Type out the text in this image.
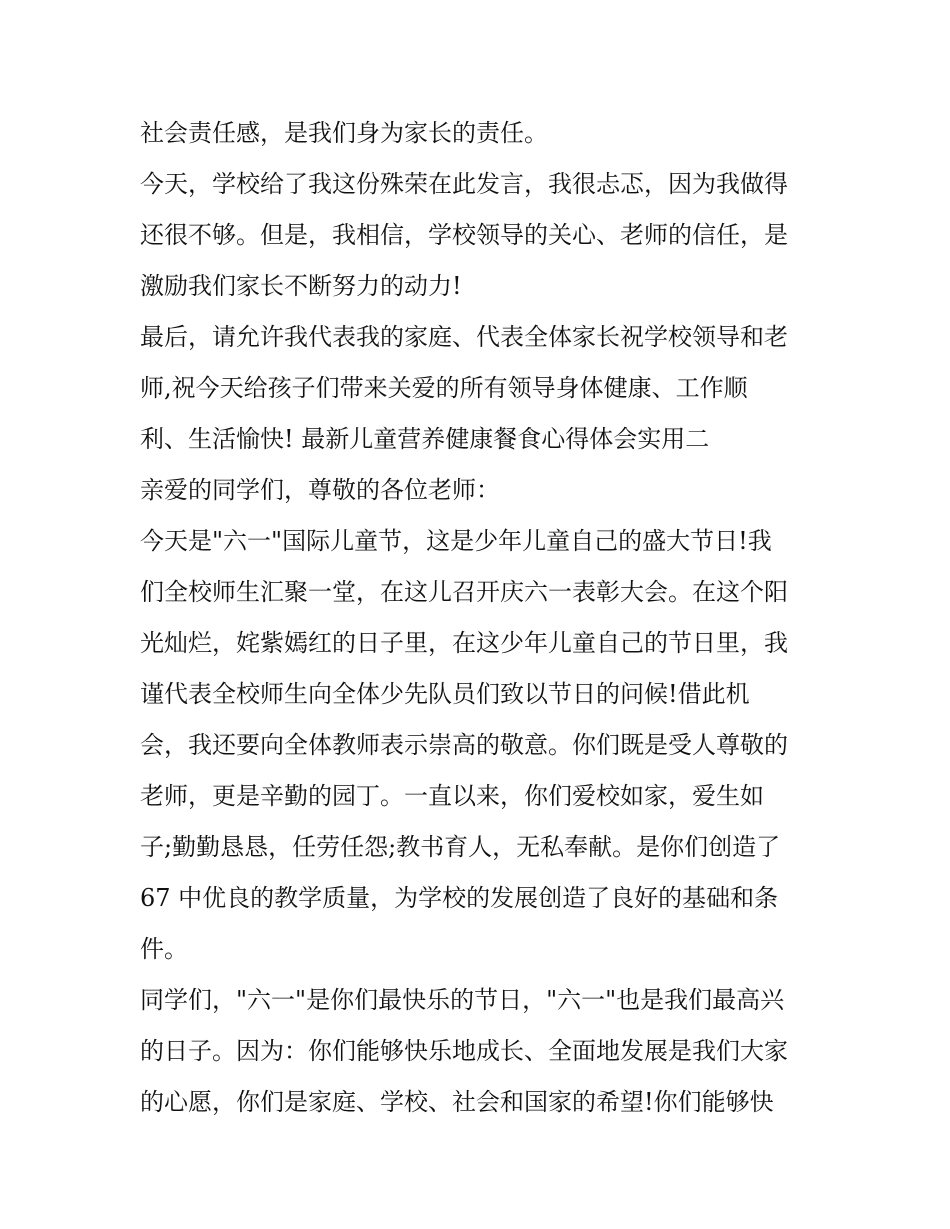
社会责任感，是我们身为家长的责任。
今天，学校给了我这份殊荣在此发言，我很忐忑，因为我做得
还很不够。但是，我相信，学校领导的关心、老师的信任，是
激励我们家长不断努力的动力!
最后，请允许我代表我的家庭、代表全体家长祝学校领导和老
师,祝今天给孩子们带来关爱的所有领导身体健康、工作顺
利、生活愉快! 最新儿童营养健康餐食心得体会实用二
亲爱的同学们，尊敬的各位老师：
今天是"六一"国际儿童节，这是少年儿童自己的盛大节日!我
们全校师生汇聚一堂，在这儿召开庆六一表彰大会。在这个阳
光灿烂，姹紫嫣红的日子里，在这少年儿童自己的节日里，我
谨代表全校师生向全体少先队员们致以节日的问候!借此机
会，我还要向全体教师表示崇高的敬意。你们既是受人尊敬的
老师，更是辛勤的园丁。一直以来，你们爱校如家，爱生如
子;勤勤恳恳，任劳任怨;教书育人，无私奉献。是你们创造了
67 中优良的教学质量，为学校的发展创造了良好的基础和条
件。
同学们，"六一"是你们最快乐的节日，"六一"也是我们最高兴
的日子。因为：你们能够快乐地成长、全面地发展是我们大家
的心愿，你们是家庭、学校、社会和国家的希望!你们能够快
